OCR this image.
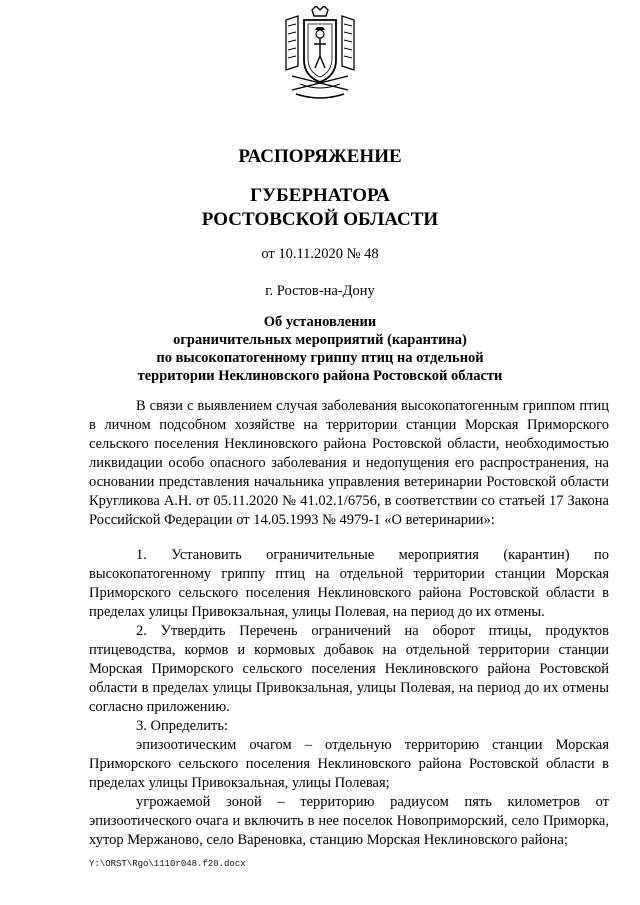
РАСПОРЯЖЕНИЕ
ГУБЕРНАТОРА
РОСТОВСКОЙ ОБЛАСТИ
от 10.11.2020 № 48
г. Ростов-на-Дону
Об установлении
ограничительных мероприятий (карантина)
по высокопатогенному гриппу птиц на отдельной
территории Неклиновского района Ростовской области

В связи с выявлением случая заболевания высокопатогенным гриппом птиц в личном подсобном хозяйстве на территории станции Морская Приморского сельского поселения Неклиновского района Ростовской области, необходимостью ликвидации особо опасного заболевания и недопущения его распространения, на основании представления начальника управления ветеринарии Ростовской области Кругликова А.Н. от 05.11.2020 № 41.02.1/6756, в соответствии со статьей 17 Закона Российской Федерации от 14.05.1993 № 4979-1 «О ветеринарии»:

1. Установить ограничительные мероприятия (карантин) по высокопатогенному гриппу птиц на отдельной территории станции Морская Приморского сельского поселения Неклиновского района Ростовской области в пределах улицы Привокзальная, улицы Полевая, на период до их отмены.

2. Утвердить Перечень ограничений на оборот птицы, продуктов птицеводства, кормов и кормовых добавок на отдельной территории станции Морская Приморского сельского поселения Неклиновского района Ростовской области в пределах улицы Привокзальная, улицы Полевая, на период до их отмены согласно приложению.

3. Определить:

эпизоотическим очагом – отдельную территорию станции Морская Приморского сельского поселения Неклиновского района Ростовской области в пределах улицы Привокзальная, улицы Полевая;

угрожаемой зоной – территорию радиусом пять километров от эпизоотического очага и включить в нее поселок Новоприморский, село Приморка, хутор Мержаново, село Вареновка, станцию Морская Неклиновского района;

Y:\ORST\Rgo\1110r048.f20.docx
